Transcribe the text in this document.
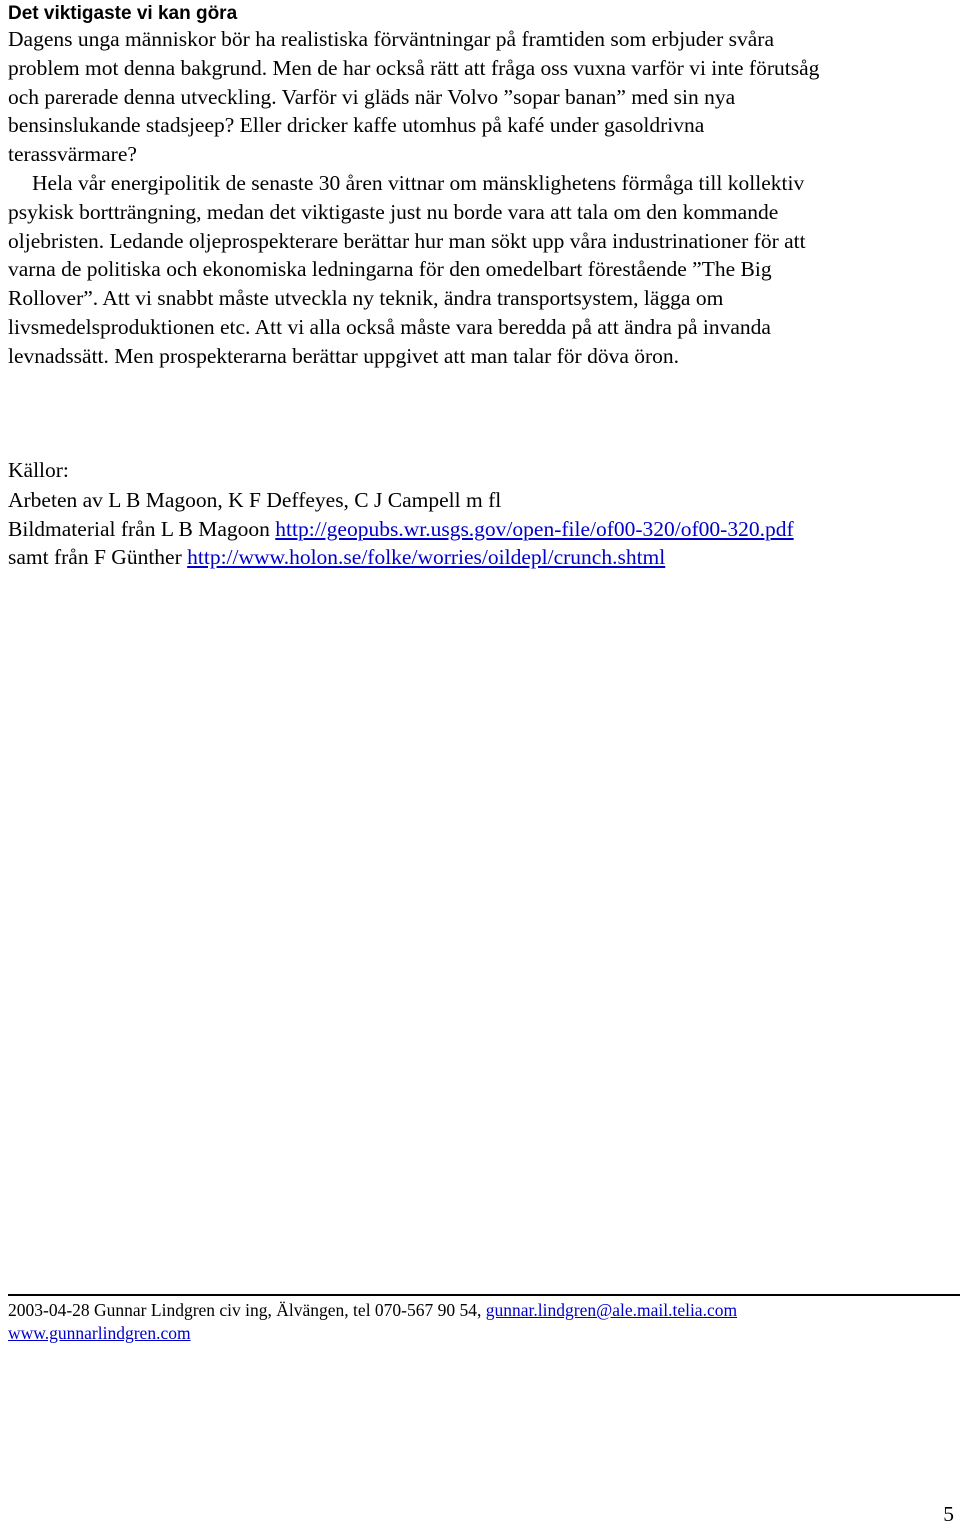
Det viktigaste vi kan göra

Dagens unga människor bör ha realistiska förväntningar på framtiden som erbjuder svåra
problem mot denna bakgrund. Men de har också rätt att fråga oss vuxna varför vi inte förutsåg
och parerade denna utveckling. Varför vi gläds när Volvo ”sopar banan” med sin nya
bensinslukande stadsjeep? Eller dricker kaffe utomhus på kafé under gasoldrivna
terassvärmare?

Hela vår energipolitik de senaste 30 åren vittnar om mänsklighetens förmåga till kollektiv
psykisk bortträngning, medan det viktigaste just nu borde vara att tala om den kommande
oljebristen. Ledande oljeprospekterare berättar hur man sökt upp våra industrinationer för att
varna de politiska och ekonomiska ledningarna för den omedelbart förestående ”The Big
Rollover”. Att vi snabbt måste utveckla ny teknik, ändra transportsystem, lägga om
livsmedelsproduktionen etc. Att vi alla också måste vara beredda på att ändra på invanda
levnadssätt. Men prospekterarna berättar uppgivet att man talar för döva öron.

Källor:
Arbeten av L B Magoon, K F Deffeyes, C J Campell m fl
Bildmaterial från L B Magoon http://geopubs.wr.usgs.gov/open-file/of00-320/of00-320.pdf
samt från F Günther http://www.holon.se/folke/worries/oildepl/crunch.shtml
2003-04-28 Gunnar Lindgren civ ing, Älvängen, tel 070-567 90 54, gunnar.lindgren@ale.mail.telia.com
www.gunnarlindgren.com
5
